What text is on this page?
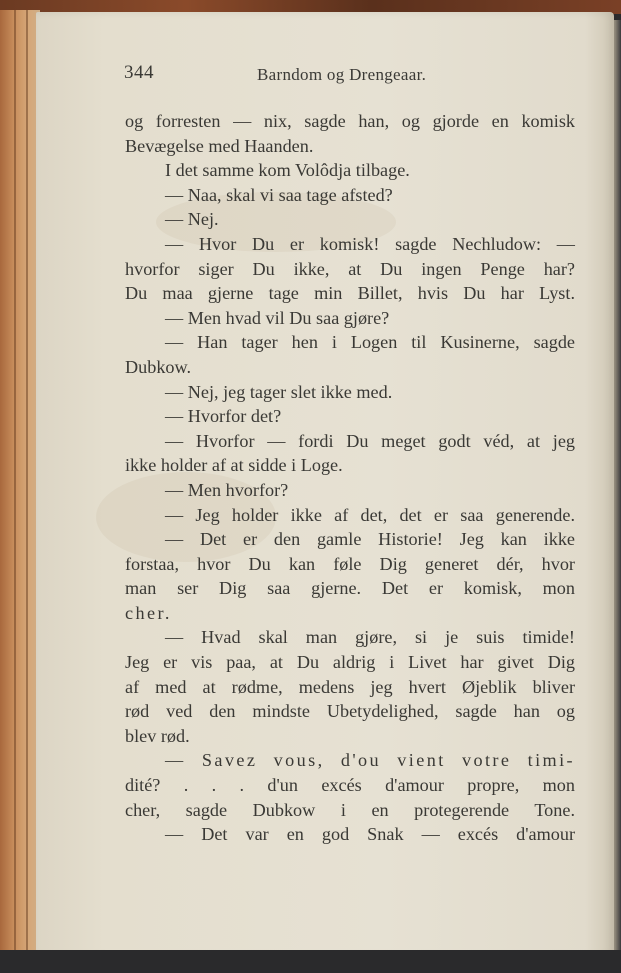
344	Barndom og Drengeaar.
og forresten — nix, sagde han, og gjorde en komisk
Bevægelse med Haanden.
I det samme kom Volôdja tilbage.
— Naa, skal vi saa tage afsted?
— Nej.
— Hvor Du er komisk! sagde Nechludow: —
hvorfor siger Du ikke, at Du ingen Penge har?
Du maa gjerne tage min Billet, hvis Du har Lyst.
— Men hvad vil Du saa gjøre?
— Han tager hen i Logen til Kusinerne, sagde
Dubkow.
— Nej, jeg tager slet ikke med.
— Hvorfor det?
— Hvorfor — fordi Du meget godt véd, at jeg
ikke holder af at sidde i Loge.
— Men hvorfor?
— Jeg holder ikke af det, det er saa generende.
— Det er den gamle Historie! Jeg kan ikke
forstaa, hvor Du kan føle Dig generet dér, hvor
man ser Dig saa gjerne. Det er komisk, mon
cher.
— Hvad skal man gjøre, si je suis timide!
Jeg er vis paa, at Du aldrig i Livet har givet Dig
af med at rødme, medens jeg hvert Øjeblik bliver
rød ved den mindste Ubetydelighed, sagde han og
blev rød.
— Savez vous, d'ou vient votre timi-
dité? . . . d'un excés d'amour propre, mon
cher, sagde Dubkow i en protegerende Tone.
— Det var en god Snak — excés d'amour
